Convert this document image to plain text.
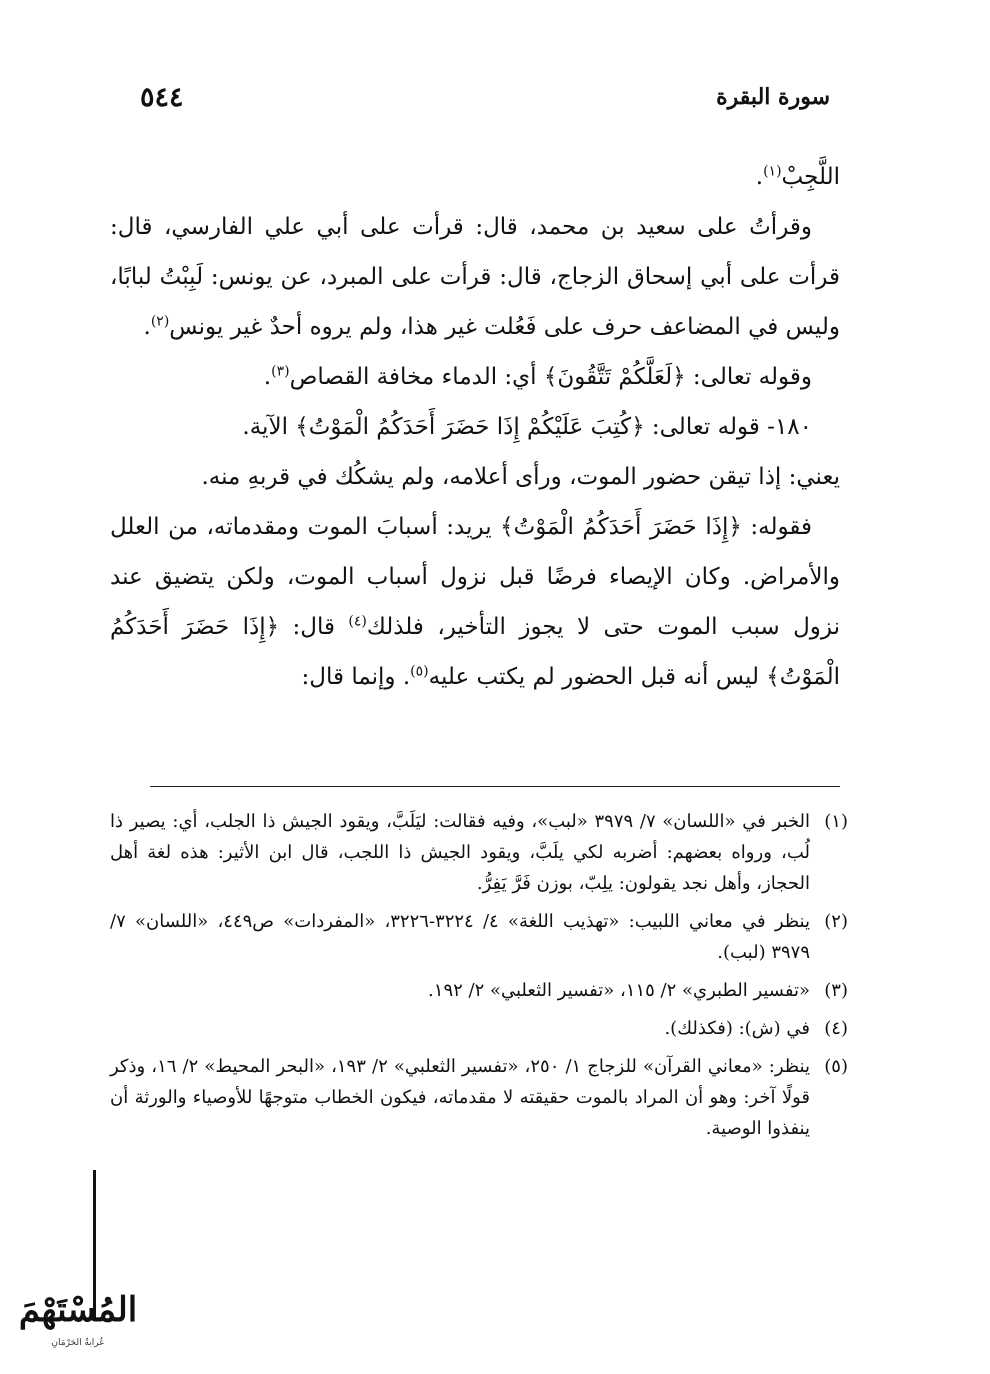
٥٤٤	سورة البقرة

اللَّجِبْ$^{(١)}$.

وقرأتُ على سعيد بن محمد، قال: قرأت على أبي علي الفارسي، قال: قرأت على أبي إسحاق الزجاج، قال: قرأت على المبرد، عن يونس: لَبِبْتُ لبابًا، وليس في المضاعف حرف على فَعُلت غير هذا، ولم يروه أحدٌ غير يونس$^{(٢)}$.

وقوله تعالى: ﴿لَعَلَّكُمْ تَتَّقُونَ﴾ أي: الدماء مخافة القصاص$^{(٣)}$.

١٨٠- قوله تعالى: ﴿كُتِبَ عَلَيْكُمْ إِذَا حَضَرَ أَحَدَكُمُ الْمَوْتُ﴾ الآية.

يعني: إذا تيقن حضور الموت، ورأى أعلامه، ولم يشكُك في قربهِ منه.

فقوله: ﴿إِذَا حَضَرَ أَحَدَكُمُ الْمَوْتُ﴾ يريد: أسبابَ الموت ومقدماته، من العلل والأمراض. وكان الإيصاء فرضًا قبل نزول أسباب الموت، ولكن يتضيق عند نزول سبب الموت حتى لا يجوز التأخير، فلذلك$^{(٤)}$ قال: ﴿إِذَا حَضَرَ أَحَدَكُمُ الْمَوْتُ﴾ ليس أنه قبل الحضور لم يكتب عليه$^{(٥)}$. وإنما قال:

(١)
الخبر في «اللسان» ٧/ ٣٩٧٩ «لبب»، وفيه فقالت: ليَلَبَّ، ويقود الجيش ذا الجلب، أي: يصير ذا لُب، ورواه بعضهم: أضربه لكي يلَبَّ، ويقود الجيش ذا اللجب، قال ابن الأثير: هذه لغة أهل الحجاز، وأهل نجد يقولون: يلِبّ، بوزن فَرَّ يَفِرُّ.
(٢)
ينظر في معاني اللبيب: «تهذيب اللغة» ٤/ ٣٢٢٤-٣٢٢٦، «المفردات» ص٤٤٩، «اللسان» ٧/ ٣٩٧٩ (لبب).
(٣)
«تفسير الطبري» ٢/ ١١٥، «تفسير الثعلبي» ٢/ ١٩٢.
(٤)
في (ش): (فكذلك).
(٥)
ينظر: «معاني القرآن» للزجاج ١/ ٢٥٠، «تفسير الثعلبي» ٢/ ١٩٣، «البحر المحيط» ٢/ ١٦، وذكر قولًا آخر: وهو أن المراد بالموت حقيقته لا مقدماته، فيكون الخطاب متوجهًا للأوصياء والورثة أن ينفذوا الوصية.
المُسْتَهْمَ
عُرابةُ الحَرْمَانِ
